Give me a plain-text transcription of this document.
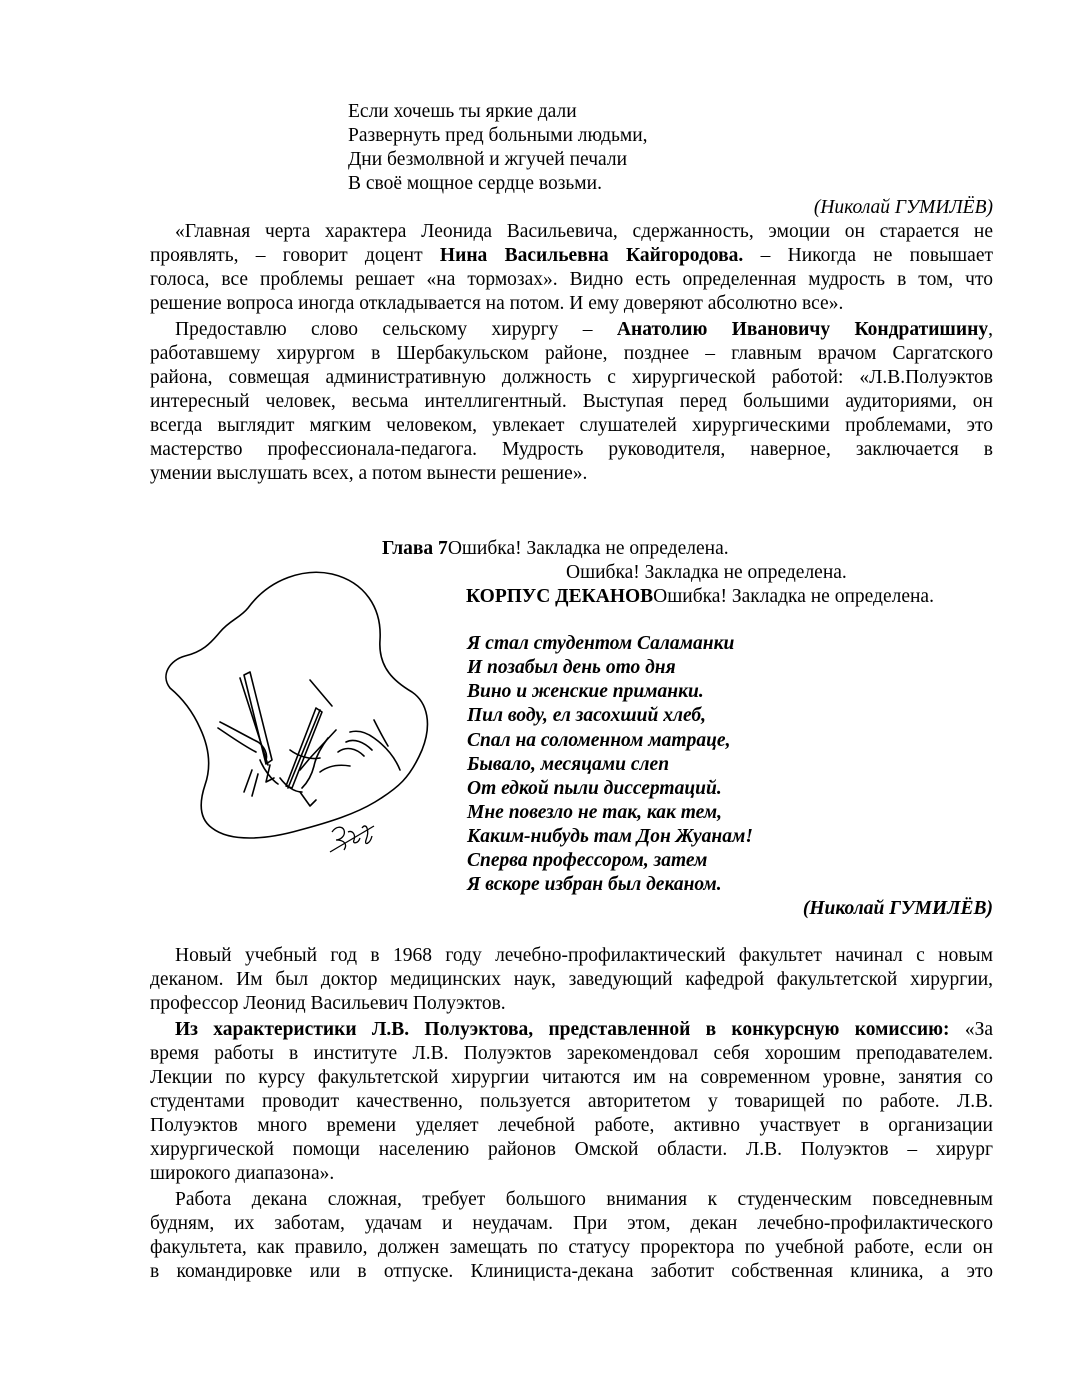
Если хочешь ты яркие дали
Развернуть пред больными людьми,
Дни безмолвной и жгучей печали
В своё мощное сердце возьми.
(Николай ГУМИЛЁВ)
«Главная черта характера Леонида Васильевича, сдержанность, эмоции он старается не
проявлять, – говорит доцент Нина Васильевна Кайгородова. – Никогда не повышает
голоса, все проблемы решает «на тормозах». Видно есть определенная мудрость в том, что
решение вопроса иногда откладывается на потом. И ему доверяют абсолютно все».
Предоставлю слово сельскому хирургу – Анатолию Ивановичу Кондратишину,
работавшему хирургом в Шербакульском районе, позднее – главным врачом Саргатского
района, совмещая административную должность с хирургической работой: «Л.В.Полуэктов
интересный человек, весьма интеллигентный. Выступая перед большими аудиториями, он
всегда выглядит мягким человеком, увлекает слушателей хирургическими проблемами, это
мастерство профессионала-педагога. Мудрость руководителя, наверное, заключается в
умении выслушать всех, а потом вынести решение».
Глава 7Ошибка! Закладка не определена.
Ошибка! Закладка не определена.
КОРПУС ДЕКАНОВОшибка! Закладка не определена.
Я стал студентом Саламанки
И позабыл день ото дня
Вино и женские приманки.
Пил воду, ел засохший хлеб,
Спал на соломенном матраце,
Бывало, месяцами слеп
От едкой пыли диссертаций.
Мне повезло не так, как тем,
Каким-нибудь там Дон Жуанам!
Сперва профессором, затем
Я вскоре избран был деканом.
(Николай ГУМИЛЁВ)
Новый учебный год в 1968 году лечебно-профилактический факультет начинал с новым
деканом. Им был доктор медицинских наук, заведующий кафедрой факультетской хирургии,
профессор Леонид Васильевич Полуэктов.
Из характеристики Л.В. Полуэктова, представленной в конкурсную комиссию: «За
время работы в институте Л.В. Полуэктов зарекомендовал себя хорошим преподавателем.
Лекции по курсу факультетской хирургии читаются им на современном уровне, занятия со
студентами проводит качественно, пользуется авторитетом у товарищей по работе. Л.В.
Полуэктов много времени уделяет лечебной работе, активно участвует в организации
хирургической помощи населению районов Омской области. Л.В. Полуэктов – хирург
широкого диапазона».
Работа декана сложная, требует большого внимания к студенческим повседневным
будням, их заботам, удачам и неудачам. При этом, декан лечебно-профилактического
факультета, как правило, должен замещать по статусу проректора по учебной работе, если он
в командировке или в отпуске. Клинициста-декана заботит собственная клиника, а это
